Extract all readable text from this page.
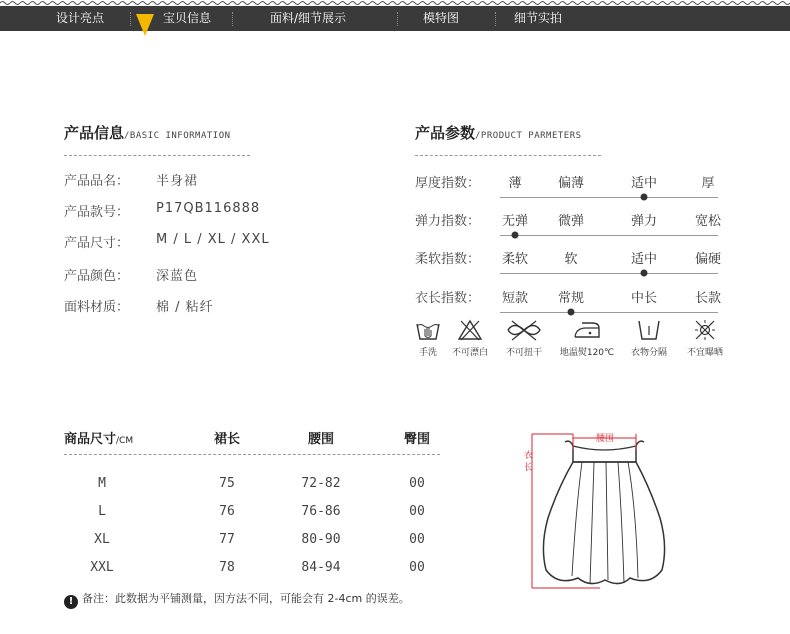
设计亮点	宝贝信息	面料/细节展示	模特图	细节实拍
产品信息/BASIC INFORMATION
产品品名： 半身裙
产品款号： P17QB116888
产品尺寸： M / L / XL / XXL
产品颜色： 深蓝色
面料材质： 棉 / 粘纤
产品参数/PRODUCT PARMETERS
厚度指数： 薄	偏薄	适中	厚
弹力指数： 无弹 微弹	弹力	宽松
柔软指数： 柔软	软	适中	偏硬
衣长指数： 短款 常规	中长	长款
手洗	不可漂白	不可扭干	地温熨120℃	衣物分隔	不宜曝晒
商品尺寸/CM	裙长	腰围	臀围
M	75	72-82	00
L	76	76-86	00
XL	77	80-90	00
XXL	78	84-94	00
! 备注：此数据为平铺测量，因方法不同，可能会有 2-4cm 的误差。
腰围
衣
长
